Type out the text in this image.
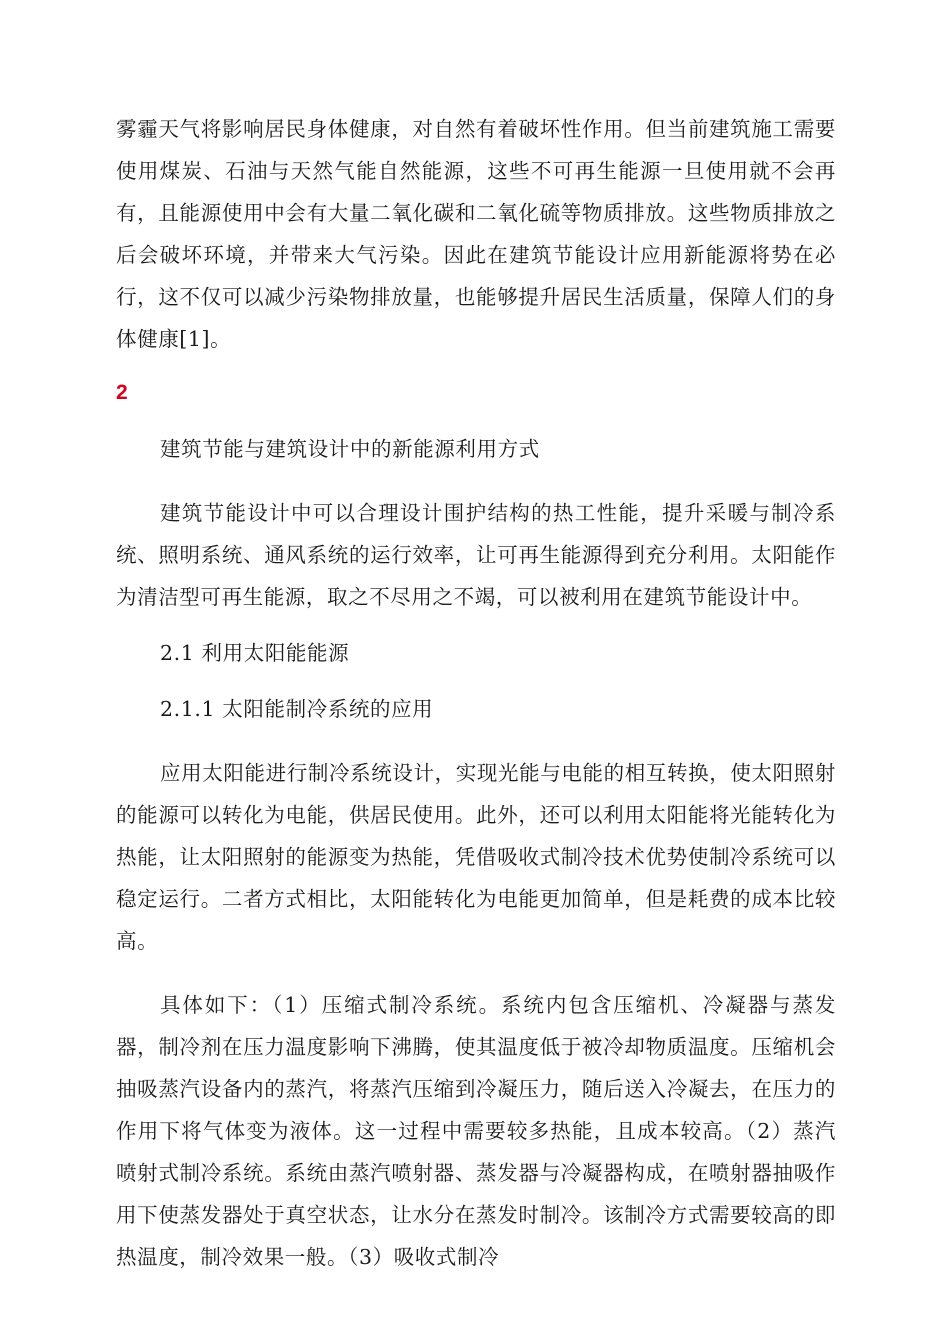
雾霾天气将影响居民身体健康，对自然有着破坏性作用。但当前建筑施工需要使用煤炭、石油与天然气能自然能源，这些不可再生能源一旦使用就不会再有，且能源使用中会有大量二氧化碳和二氧化硫等物质排放。这些物质排放之后会破坏环境，并带来大气污染。因此在建筑节能设计应用新能源将势在必行，这不仅可以减少污染物排放量，也能够提升居民生活质量，保障人们的身体健康[1]。

2

建筑节能与建筑设计中的新能源利用方式

建筑节能设计中可以合理设计围护结构的热工性能，提升采暖与制冷系统、照明系统、通风系统的运行效率，让可再生能源得到充分利用。太阳能作为清洁型可再生能源，取之不尽用之不竭，可以被利用在建筑节能设计中。

2.1 利用太阳能能源

2.1.1 太阳能制冷系统的应用

应用太阳能进行制冷系统设计，实现光能与电能的相互转换，使太阳照射的能源可以转化为电能，供居民使用。此外，还可以利用太阳能将光能转化为热能，让太阳照射的能源变为热能，凭借吸收式制冷技术优势使制冷系统可以稳定运行。二者方式相比，太阳能转化为电能更加简单，但是耗费的成本比较高。

具体如下：（1）压缩式制冷系统。系统内包含压缩机、冷凝器与蒸发器，制冷剂在压力温度影响下沸腾，使其温度低于被冷却物质温度。压缩机会抽吸蒸汽设备内的蒸汽，将蒸汽压缩到冷凝压力，随后送入冷凝去，在压力的作用下将气体变为液体。这一过程中需要较多热能，且成本较高。（2）蒸汽喷射式制冷系统。系统由蒸汽喷射器、蒸发器与冷凝器构成，在喷射器抽吸作用下使蒸发器处于真空状态，让水分在蒸发时制冷。该制冷方式需要较高的即热温度，制冷效果一般。（3）吸收式制冷
